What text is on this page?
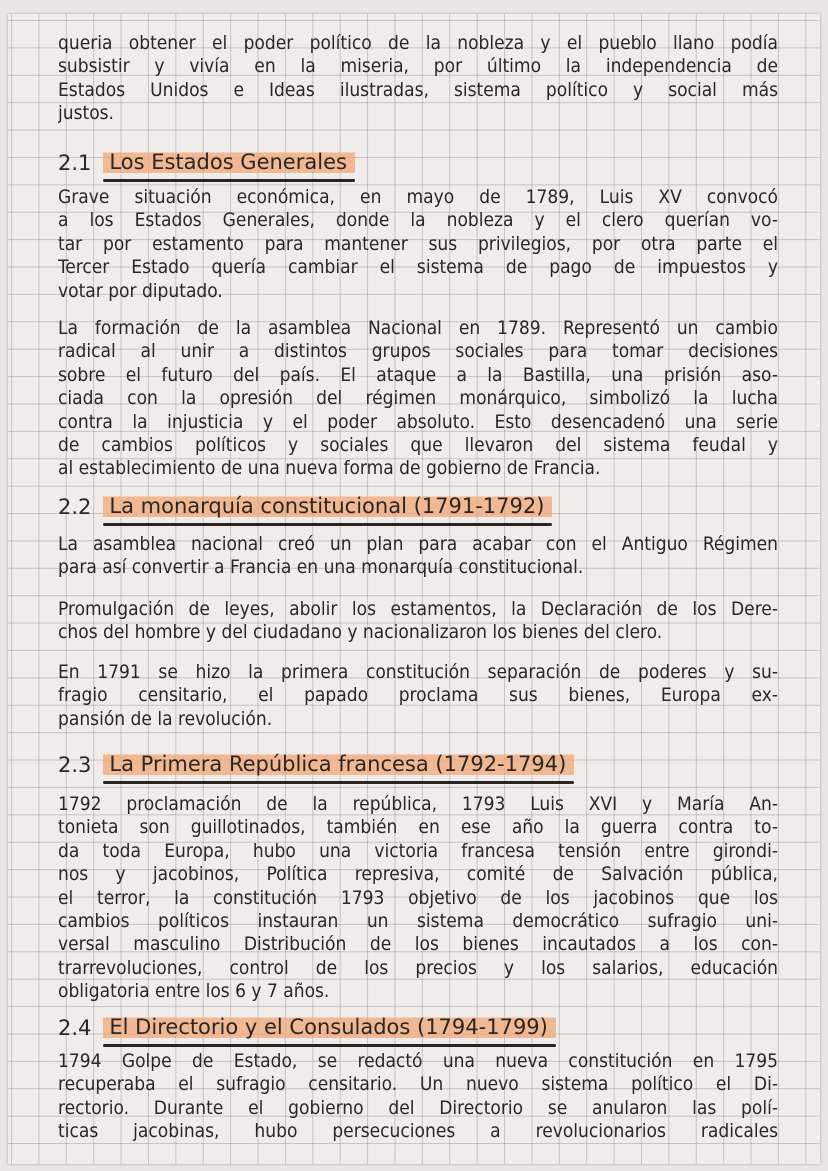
queria obtener el poder político de la nobleza y el pueblo llano podía
subsistir y vivía en la miseria, por último la independencia de
Estados Unidos e Ideas ilustradas, sistema político y social más
justos.
2.1 Los Estados Generales
Grave situación económica, en mayo de 1789, Luis XV convocó
a los Estados Generales, donde la nobleza y el clero querían vo-
tar por estamento para mantener sus privilegios, por otra parte el
Tercer Estado quería cambiar el sistema de pago de impuestos y
votar por diputado.
La formación de la asamblea Nacional en 1789. Representó un cambio
radical al unir a distintos grupos sociales para tomar decisiones
sobre el futuro del país. El ataque a la Bastilla, una prisión aso-
ciada con la opresión del régimen monárquico, simbolizó la lucha
contra la injusticia y el poder absoluto. Esto desencadenó una serie
de cambios políticos y sociales que llevaron del sistema feudal y
al establecimiento de una nueva forma de gobierno de Francia.
2.2 La monarquía constitucional (1791-1792)
La asamblea nacional creó un plan para acabar con el Antiguo Régimen
para así convertir a Francia en una monarquía constitucional.
Promulgación de leyes, abolir los estamentos, la Declaración de los Dere-
chos del hombre y del ciudadano y nacionalizaron los bienes del clero.
En 1791 se hizo la primera constitución separación de poderes y su-
fragio censitario, el papado proclama sus bienes, Europa ex-
pansión de la revolución.
2.3 La Primera República francesa (1792-1794)
1792 proclamación de la república, 1793 Luis XVI y María An-
tonieta son guillotinados, también en ese año la guerra contra to-
da toda Europa, hubo una victoria francesa tensión entre girondi-
nos y jacobinos, Política represiva, comité de Salvación pública,
el terror, la constitución 1793 objetivo de los jacobinos que los
cambios políticos instauran un sistema democrático sufragio uni-
versal masculino Distribución de los bienes incautados a los con-
trarrevoluciones, control de los precios y los salarios, educación
obligatoria entre los 6 y 7 años.
2.4 El Directorio y el Consulados (1794-1799)
1794 Golpe de Estado, se redactó una nueva constitución en 1795
recuperaba el sufragio censitario. Un nuevo sistema político el Di-
rectorio. Durante el gobierno del Directorio se anularon las polí-
ticas jacobinas, hubo persecuciones a revolucionarios radicales
